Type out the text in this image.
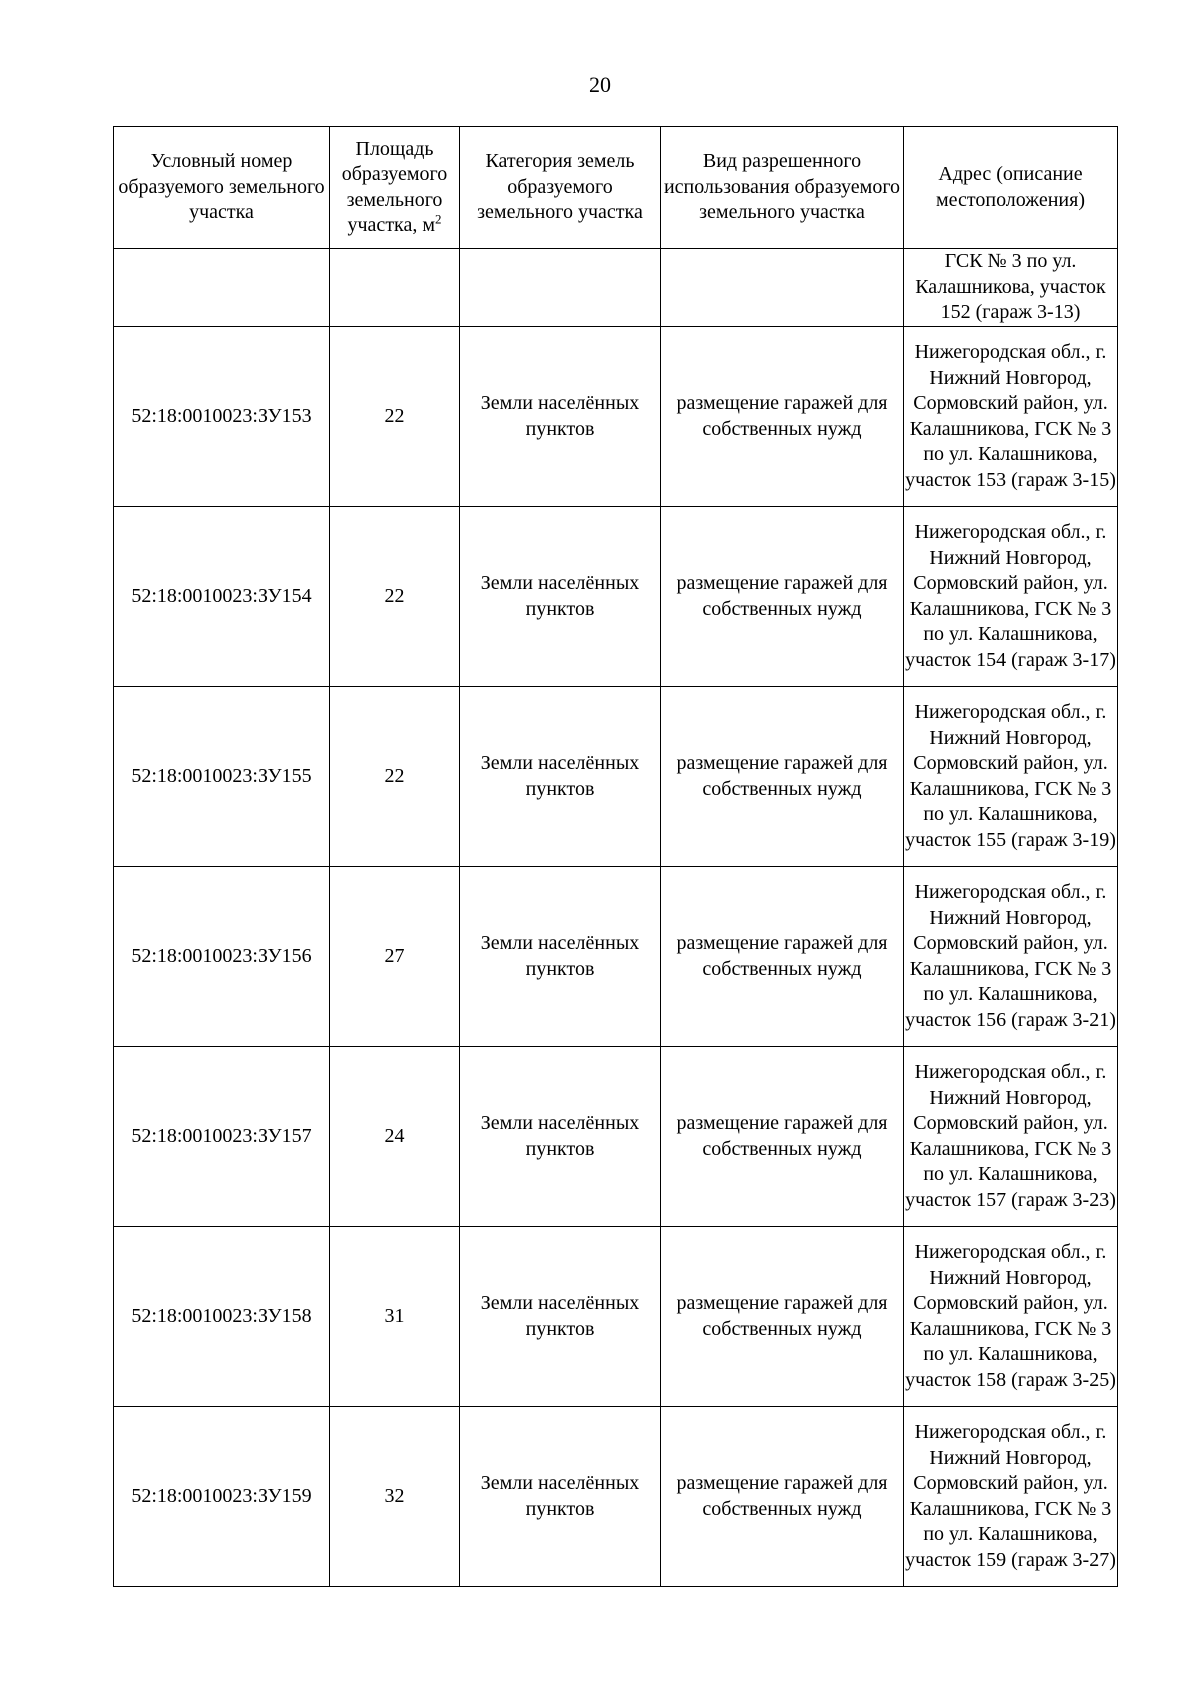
20
Условный номер образуемого земельного участка	Площадь образуемого земельного участка, $м^2$	Категория земель образуемого земельного участка	Вид разрешенного использования образуемого земельного участка	Адрес (описание местоположения)

				ГСК № 3 по ул. Калашникова, участок 152 (гараж 3-13)

52:18:0010023:ЗУ153	22	Земли населённых пунктов	размещение гаражей для собственных нужд	Нижегородская обл., г. Нижний Новгород, Сормовский район, ул. Калашникова, ГСК № 3 по ул. Калашникова, участок 153 (гараж 3-15)

52:18:0010023:ЗУ154	22	Земли населённых пунктов	размещение гаражей для собственных нужд	Нижегородская обл., г. Нижний Новгород, Сормовский район, ул. Калашникова, ГСК № 3 по ул. Калашникова, участок 154 (гараж 3-17)

52:18:0010023:ЗУ155	22	Земли населённых пунктов	размещение гаражей для собственных нужд	Нижегородская обл., г. Нижний Новгород, Сормовский район, ул. Калашникова, ГСК № 3 по ул. Калашникова, участок 155 (гараж 3-19)

52:18:0010023:ЗУ156	27	Земли населённых пунктов	размещение гаражей для собственных нужд	Нижегородская обл., г. Нижний Новгород, Сормовский район, ул. Калашникова, ГСК № 3 по ул. Калашникова, участок 156 (гараж 3-21)

52:18:0010023:ЗУ157	24	Земли населённых пунктов	размещение гаражей для собственных нужд	Нижегородская обл., г. Нижний Новгород, Сормовский район, ул. Калашникова, ГСК № 3 по ул. Калашникова, участок 157 (гараж 3-23)

52:18:0010023:ЗУ158	31	Земли населённых пунктов	размещение гаражей для собственных нужд	Нижегородская обл., г. Нижний Новгород, Сормовский район, ул. Калашникова, ГСК № 3 по ул. Калашникова, участок 158 (гараж 3-25)

52:18:0010023:ЗУ159	32	Земли населённых пунктов	размещение гаражей для собственных нужд	Нижегородская обл., г. Нижний Новгород, Сормовский район, ул. Калашникова, ГСК № 3 по ул. Калашникова, участок 159 (гараж 3-27)
